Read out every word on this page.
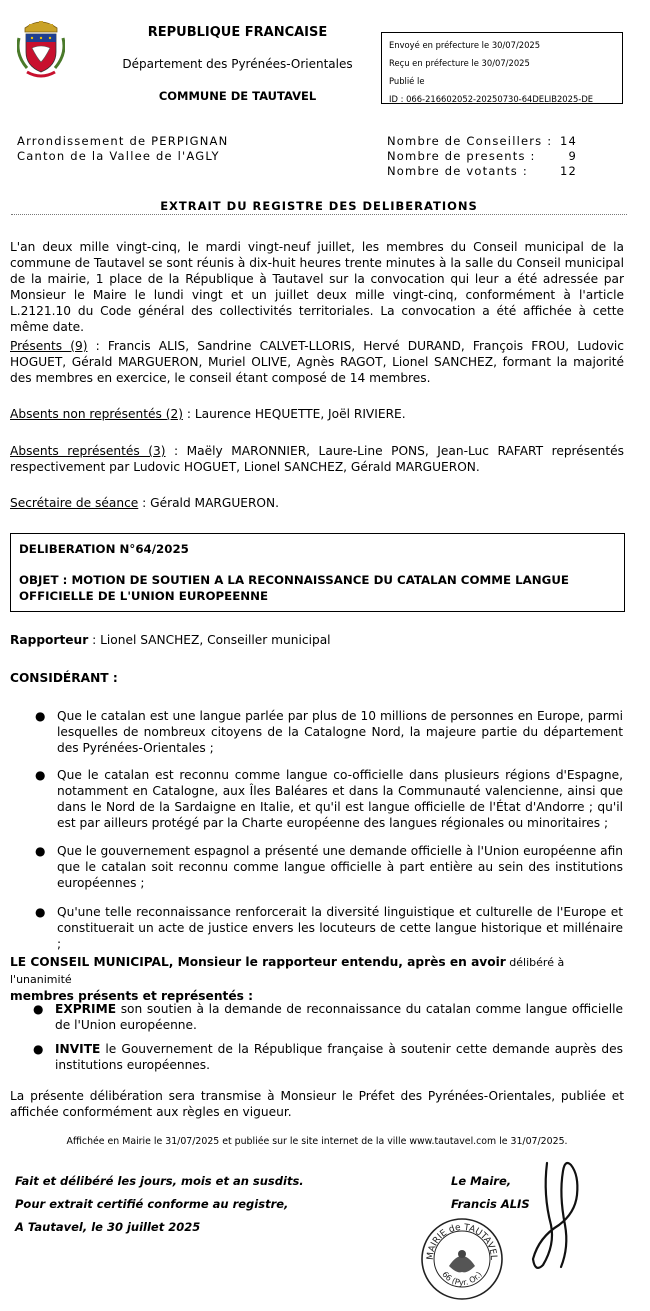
REPUBLIQUE FRANCAISE
Département des Pyrénées-Orientales
COMMUNE DE TAUTAVEL
Envoyé en préfecture le 30/07/2025
Reçu en préfecture le 30/07/2025
Publié le
ID : 066-216602052-20250730-64DELIB2025-DE
Arrondissement de PERPIGNAN
Canton de la Vallee de l'AGLY
Nombre de Conseillers : 14
Nombre de presents :	9
Nombre de votants :	12
EXTRAIT DU REGISTRE DES DELIBERATIONS
L'an deux mille vingt-cinq, le mardi vingt-neuf juillet, les membres du Conseil municipal de la commune de Tautavel se sont réunis à dix-huit heures trente minutes à la salle du Conseil municipal de la mairie, 1 place de la République à Tautavel sur la convocation qui leur a été adressée par Monsieur le Maire le lundi vingt et un juillet deux mille vingt-cinq, conformément à l'article L.2121.10 du Code général des collectivités territoriales. La convocation a été affichée à cette même date.
Présents (9) : Francis ALIS, Sandrine CALVET-LLORIS, Hervé DURAND, François FROU, Ludovic HOGUET, Gérald MARGUERON, Muriel OLIVE, Agnès RAGOT, Lionel SANCHEZ, formant la majorité des membres en exercice, le conseil étant composé de 14 membres.
Absents non représentés (2) : Laurence HEQUETTE, Joël RIVIERE.
Absents représentés (3) : Maëly MARONNIER, Laure-Line PONS, Jean-Luc RAFART représentés respectivement par Ludovic HOGUET, Lionel SANCHEZ, Gérald MARGUERON.
Secrétaire de séance : Gérald MARGUERON.
DELIBERATION N°64/2025
OBJET : MOTION DE SOUTIEN A LA RECONNAISSANCE DU CATALAN COMME LANGUE OFFICIELLE DE L'UNION EUROPEENNE
Rapporteur : Lionel SANCHEZ, Conseiller municipal
CONSIDÉRANT :
● Que le catalan est une langue parlée par plus de 10 millions de personnes en Europe, parmi lesquelles de nombreux citoyens de la Catalogne Nord, la majeure partie du département des Pyrénées-Orientales ;
● Que le catalan est reconnu comme langue co-officielle dans plusieurs régions d'Espagne, notamment en Catalogne, aux Îles Baléares et dans la Communauté valencienne, ainsi que dans le Nord de la Sardaigne en Italie, et qu'il est langue officielle de l'État d'Andorre ; qu'il est par ailleurs protégé par la Charte européenne des langues régionales ou minoritaires ;
● Que le gouvernement espagnol a présenté une demande officielle à l'Union européenne afin que le catalan soit reconnu comme langue officielle à part entière au sein des institutions européennes ;
● Qu'une telle reconnaissance renforcerait la diversité linguistique et culturelle de l'Europe et constituerait un acte de justice envers les locuteurs de cette langue historique et millénaire ;
LE CONSEIL MUNICIPAL, Monsieur le rapporteur entendu, après en avoir délibéré à l'unanimité
membres présents et représentés :
● EXPRIME son soutien à la demande de reconnaissance du catalan comme langue officielle de l'Union européenne.
● INVITE le Gouvernement de la République française à soutenir cette demande auprès des institutions européennes.
La présente délibération sera transmise à Monsieur le Préfet des Pyrénées-Orientales, publiée et affichée conformément aux règles en vigueur.
Affichée en Mairie le 31/07/2025 et publiée sur le site internet de la ville www.tautavel.com le 31/07/2025.
Fait et délibéré les jours, mois et an susdits.
Pour extrait certifié conforme au registre,
A Tautavel, le 30 juillet 2025
Le Maire,
Francis ALIS
MAIRIE de TAUTAVEL
66 (Pyr. Or.)
